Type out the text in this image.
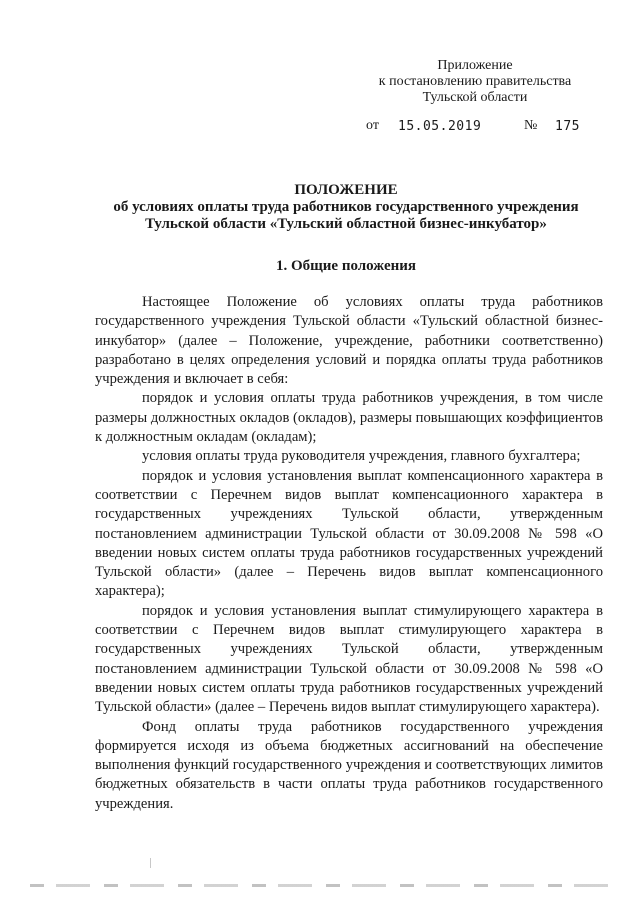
Приложение
к постановлению правительства
Тульской области
от 15.05.2019	№ 175
ПОЛОЖЕНИЕ
об условиях оплаты труда работников государственного учреждения
Тульской области «Тульский областной бизнес-инкубатор»
1. Общие положения

Настоящее Положение об условиях оплаты труда работников государственного учреждения Тульской области «Тульский областной бизнес-инкубатор» (далее – Положение, учреждение, работники соответственно) разработано в целях определения условий и порядка оплаты труда работников учреждения и включает в себя:

порядок и условия оплаты труда работников учреждения, в том числе размеры должностных окладов (окладов), размеры повышающих коэффициентов к должностным окладам (окладам);

условия оплаты труда руководителя учреждения, главного бухгалтера;

порядок и условия установления выплат компенсационного характера в соответствии с Перечнем видов выплат компенсационного характера в государственных учреждениях Тульской области, утвержденным постановлением администрации Тульской области от 30.09.2008 № 598 «О введении новых систем оплаты труда работников государственных учреждений Тульской области» (далее – Перечень видов выплат компенсационного характера);

порядок и условия установления выплат стимулирующего характера в соответствии с Перечнем видов выплат стимулирующего характера в государственных учреждениях Тульской области, утвержденным постановлением администрации Тульской области от 30.09.2008 № 598 «О введении новых систем оплаты труда работников государственных учреждений Тульской области» (далее – Перечень видов выплат стимулирующего характера).

Фонд оплаты труда работников государственного учреждения формируется исходя из объема бюджетных ассигнований на обеспечение выполнения функций государственного учреждения и соответствующих лимитов бюджетных обязательств в части оплаты труда работников государственного учреждения.
